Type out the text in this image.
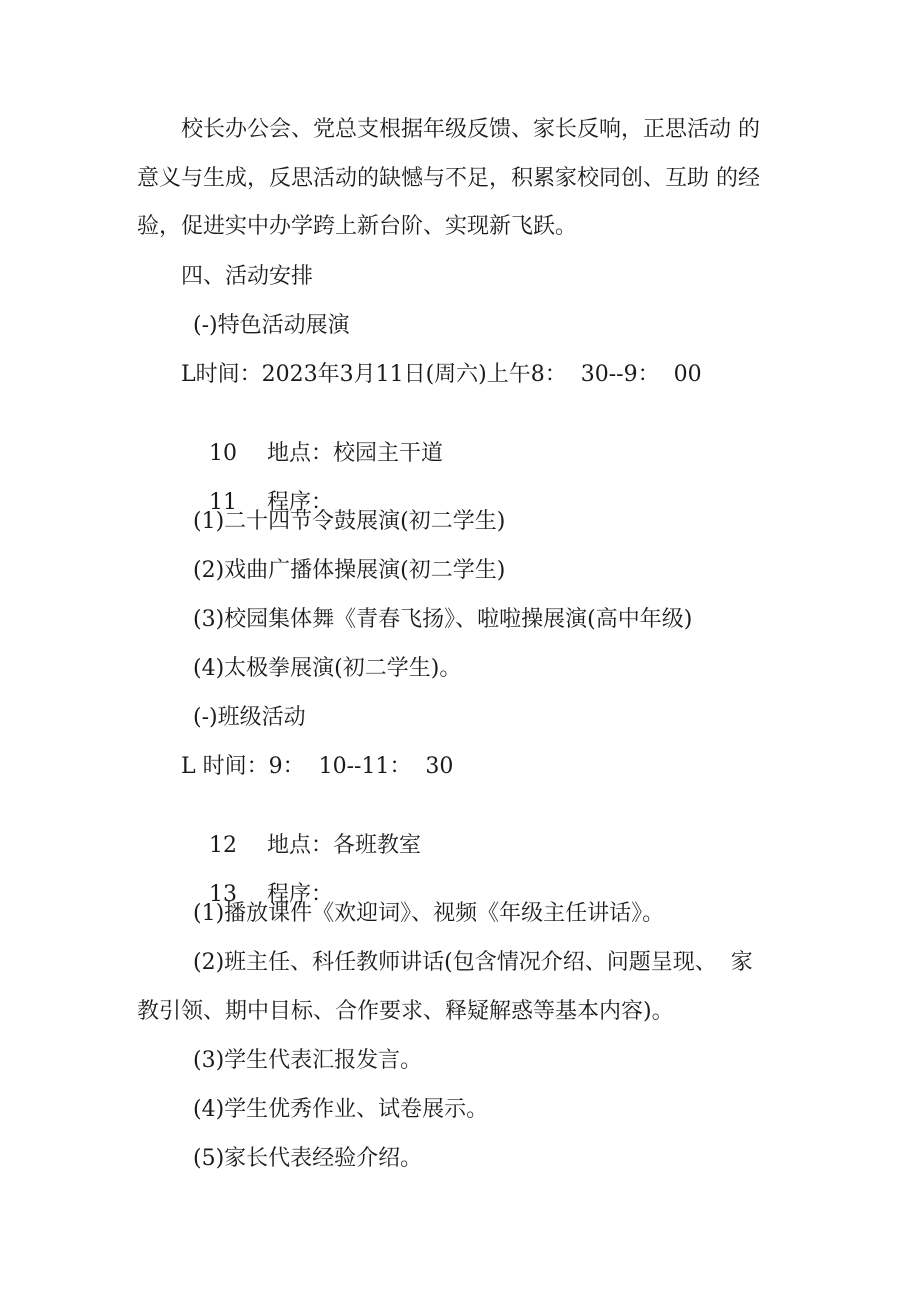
校长办公会、党总支根据年级反馈、家长反响，正思活动 的
意义与生成，反思活动的缺憾与不足，积累家校同创、互助 的经
验，促进实中办学跨上新台阶、实现新飞跃。
四、活动安排
(-)特色活动展演
L时间：2023年3月11日(周六)上午8：  30--9：  00

10 地点：校园主干道

11 程序：

(1)二十四节令鼓展演(初二学生)
(2)戏曲广播体操展演(初二学生)
(3)校园集体舞《青春飞扬》、啦啦操展演(高中年级)
(4)太极拳展演(初二学生)。
(-)班级活动
L 时间：9：  10--11：  30

12 地点：各班教室

13 程序：

(1)播放课件《欢迎词》、视频《年级主任讲话》。
(2)班主任、科任教师讲话(包含情况介绍、问题呈现、  家
教引领、期中目标、合作要求、释疑解惑等基本内容)。
(3)学生代表汇报发言。
(4)学生优秀作业、试卷展示。
(5)家长代表经验介绍。
